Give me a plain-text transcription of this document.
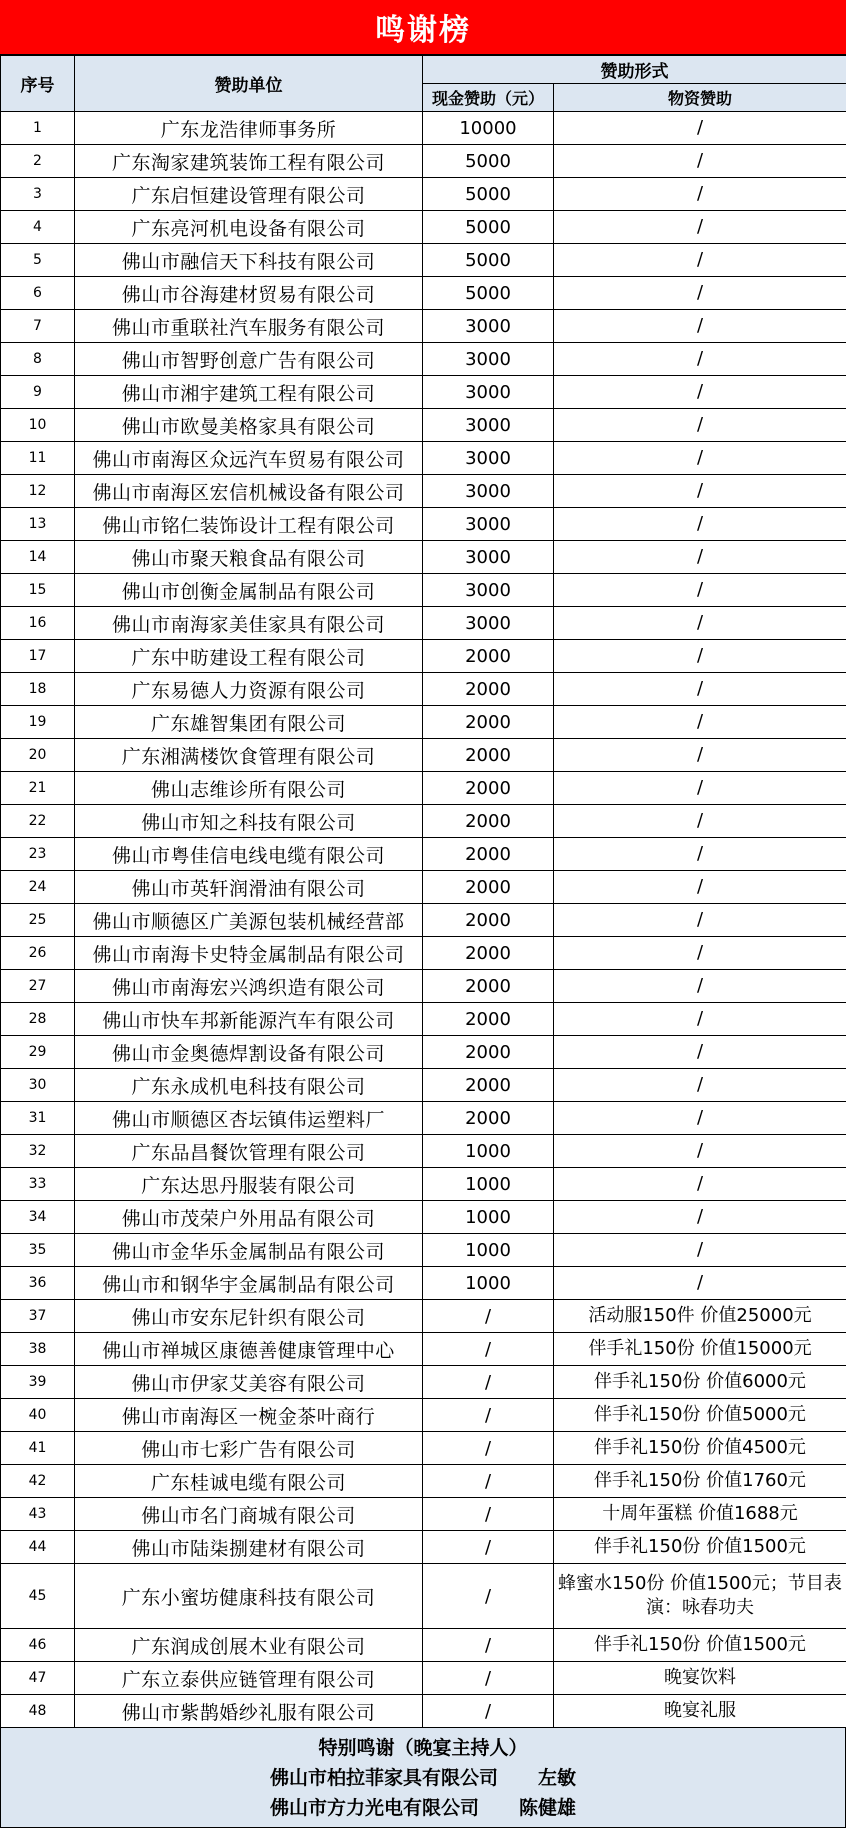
鸣谢榜
序号	赞助单位	赞助形式	
		现金赞助（元）	物资赞助
1	广东龙浩律师事务所	10000	/
2	广东淘家建筑装饰工程有限公司	5000	/
3	广东启恒建设管理有限公司	5000	/
4	广东亮河机电设备有限公司	5000	/
5	佛山市融信天下科技有限公司	5000	/
6	佛山市谷海建材贸易有限公司	5000	/
7	佛山市重联社汽车服务有限公司	3000	/
8	佛山市智野创意广告有限公司	3000	/
9	佛山市湘宇建筑工程有限公司	3000	/
10	佛山市欧曼美格家具有限公司	3000	/
11	佛山市南海区众远汽车贸易有限公司	3000	/
12	佛山市南海区宏信机械设备有限公司	3000	/
13	佛山市铭仁装饰设计工程有限公司	3000	/
14	佛山市聚天粮食品有限公司	3000	/
15	佛山市创衡金属制品有限公司	3000	/
16	佛山市南海家美佳家具有限公司	3000	/
17	广东中昉建设工程有限公司	2000	/
18	广东易德人力资源有限公司	2000	/
19	广东雄智集团有限公司	2000	/
20	广东湘满楼饮食管理有限公司	2000	/
21	佛山志维诊所有限公司	2000	/
22	佛山市知之科技有限公司	2000	/
23	佛山市粤佳信电线电缆有限公司	2000	/
24	佛山市英轩润滑油有限公司	2000	/
25	佛山市顺德区广美源包装机械经营部	2000	/
26	佛山市南海卡史特金属制品有限公司	2000	/
27	佛山市南海宏兴鸿织造有限公司	2000	/
28	佛山市快车邦新能源汽车有限公司	2000	/
29	佛山市金奥德焊割设备有限公司	2000	/
30	广东永成机电科技有限公司	2000	/
31	佛山市顺德区杏坛镇伟运塑料厂	2000	/
32	广东品昌餐饮管理有限公司	1000	/
33	广东达思丹服装有限公司	1000	/
34	佛山市茂荣户外用品有限公司	1000	/
35	佛山市金华乐金属制品有限公司	1000	/
36	佛山市和钢华宇金属制品有限公司	1000	/
37	佛山市安东尼针织有限公司	/	活动服150件 价值25000元
38	佛山市禅城区康德善健康管理中心	/	伴手礼150份 价值15000元
39	佛山市伊家艾美容有限公司	/	伴手礼150份 价值6000元
40	佛山市南海区一椀金茶叶商行	/	伴手礼150份 价值5000元
41	佛山市七彩广告有限公司	/	伴手礼150份 价值4500元
42	广东桂诚电缆有限公司	/	伴手礼150份 价值1760元
43	佛山市名门商城有限公司	/	十周年蛋糕 价值1688元
44	佛山市陆柒捌建材有限公司	/	伴手礼150份 价值1500元
45	广东小蜜坊健康科技有限公司	/	蜂蜜水150份 价值1500元；节目表演：咏春功夫
46	广东润成创展木业有限公司	/	伴手礼150份 价值1500元
47	广东立泰供应链管理有限公司	/	晚宴饮料
48	佛山市紫鹊婚纱礼服有限公司	/	晚宴礼服
特别鸣谢（晚宴主持人）
佛山市柏拉菲家具有限公司 左敏
佛山市方力光电有限公司 陈健雄
